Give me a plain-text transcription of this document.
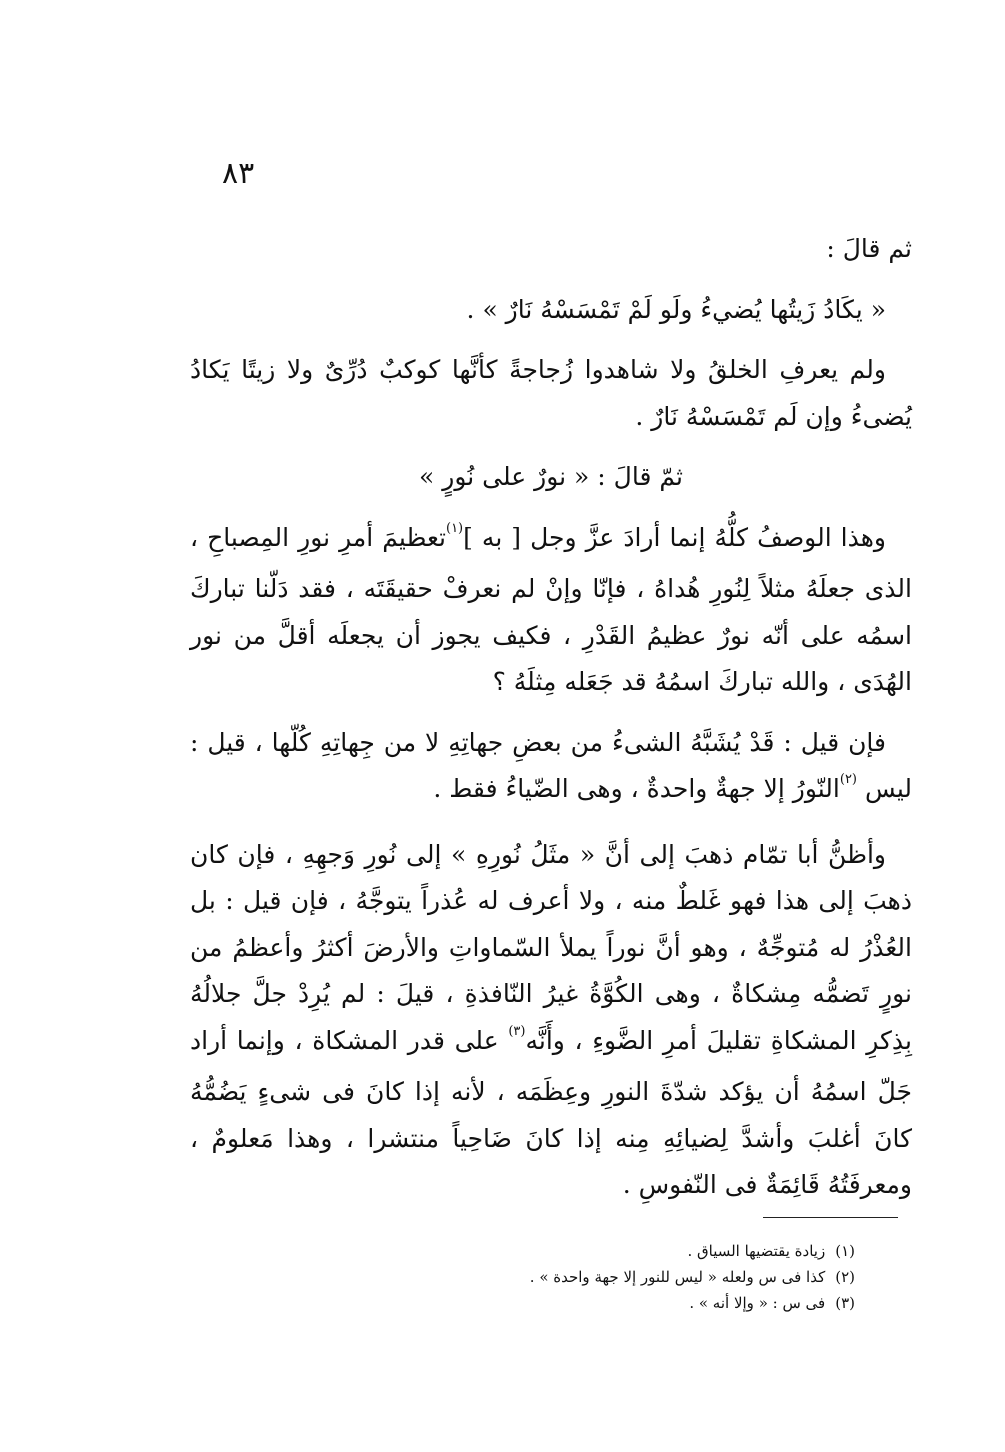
٨٣

ثم قالَ :

« يكَادُ زَيتُها يُضيءُ ولَو لَمْ تَمْسَسْهُ نَارٌ » .

ولم يعرفِ الخلقُ ولا شاهدوا زُجاجةً كأنَّها كوكبٌ دُرِّىٌ ولا زيتًا يَكادُ يُضىءُ وإن لَم تَمْسَسْهُ نَارٌ .

ثمّ قالَ : « نورٌ على نُورٍ »

وهذا الوصفُ كلُّهُ إنما أرادَ عزَّ وجل [ به ]$^{(١)}$تعظيمَ أمرِ نورِ المِصباحِ ، الذى جعلَهُ مثلاً لِنُورِ هُداهُ ، فإنّا وإنْ لم نعرفْ حقيقَتَه ، فقد دَلّنا تباركَ اسمُه على أنّه نورٌ عظيمُ القَدْرِ ، فكيف يجوز أن يجعلَه أقلَّ من نور الهُدَى ، والله تباركَ اسمُهُ قد جَعَله مِثلَهُ ؟

فإن قيل : قَدْ يُشَبَّهُ الشىءُ من بعضِ جهاتِهِ لا من جِهاتِهِ كُلّها ، قيل : ليس $^{(٢)}$النّورُ إلا جهةٌ واحدةٌ ، وهى الضّياءُ فقط .

وأظنُّ أبا تمّام ذهبَ إلى أنَّ « مثَلُ نُورِهِ » إلى نُورِ وَجهِهِ ، فإن كان ذهبَ إلى هذا فهو غَلطٌ منه ، ولا أعرف له عُذراً يتوجَّهُ ، فإن قيل : بل العُذْرُ له مُتوجِّهٌ ، وهو أنَّ نوراً يملأ السّماواتِ والأرضَ أكثرُ وأعظمُ من نورٍ تَضمُّه مِشكاةٌ ، وهى الكُوَّةُ غيرُ النّافذةِ ، قيلَ : لم يُرِدْ جلَّ جلالُهُ بِذِكرِ المشكاةِ تقليلَ أمرِ الضَّوءِ ، وأَنَّه$^{(٣)}$ على قدر المشكاة ، وإنما أراد جَلّ اسمُهُ أن يؤكد شدّةَ النورِ وعِظَمَه ، لأنه إذا كانَ فى شىءٍ يَضُمُّهُ كانَ أغلبَ وأشدَّ لِضيائِهِ مِنه إذا كانَ ضَاحِياً منتشرا ، وهذا مَعلومٌ ، ومعرفَتُهُ قَائِمَةٌ فى النّفوسِ .

(١)زيادة يقتضيها السياق .

(٢)كذا فى س ولعله « ليس للنور إلا جهة واحدة » .

(٣)فى س : « وإلا أنه » .
